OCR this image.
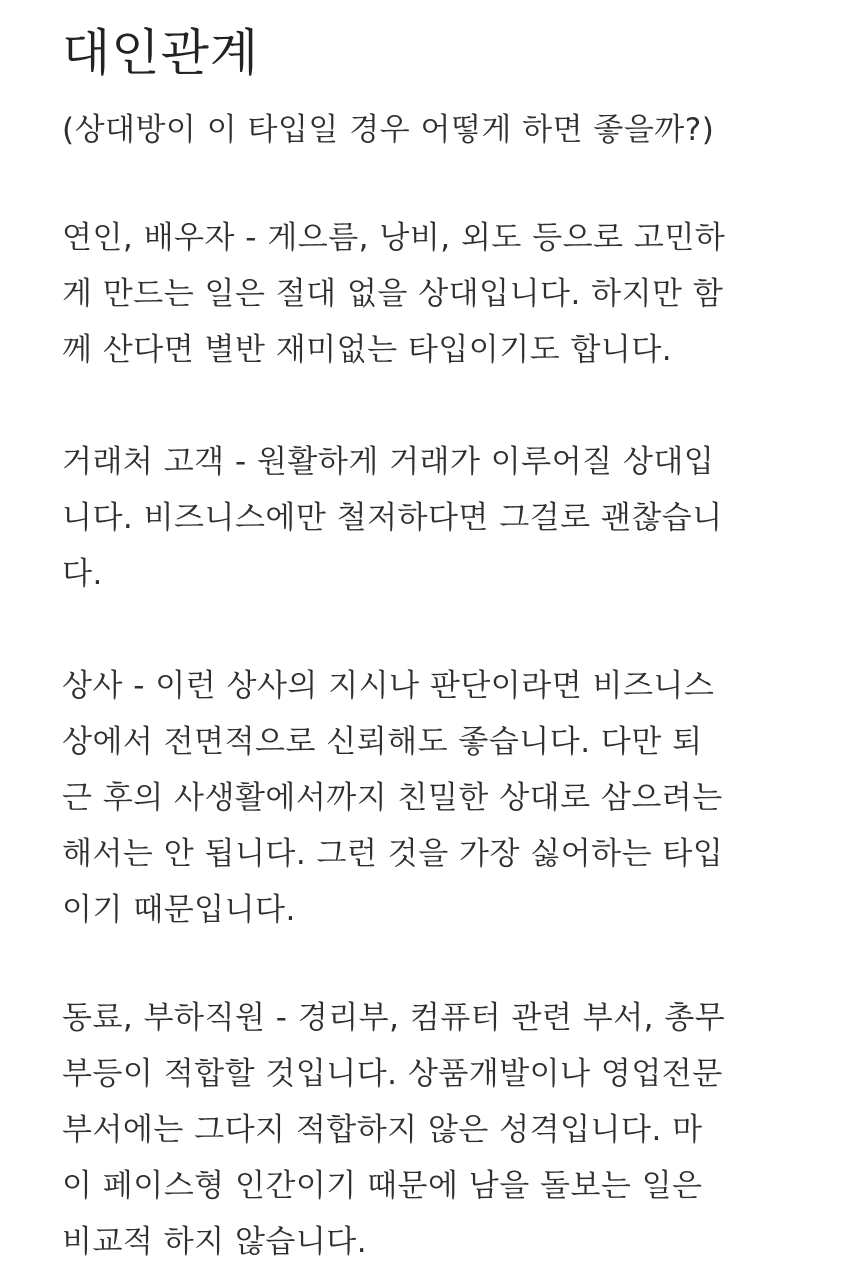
대인관계
(상대방이 이 타입일 경우 어떻게 하면 좋을까?)
연인, 배우자 - 게으름, 낭비, 외도 등으로 고민하
게 만드는 일은 절대 없을 상대입니다. 하지만 함
께 산다면 별반 재미없는 타입이기도 합니다.
거래처 고객 - 원활하게 거래가 이루어질 상대입
니다. 비즈니스에만 철저하다면 그걸로 괜찮습니
다.
상사 - 이런 상사의 지시나 판단이라면 비즈니스
상에서 전면적으로 신뢰해도 좋습니다. 다만 퇴
근 후의 사생활에서까지 친밀한 상대로 삼으려는
해서는 안 됩니다. 그런 것을 가장 싫어하는 타입
이기 때문입니다.
동료, 부하직원 - 경리부, 컴퓨터 관련 부서, 총무
부등이 적합할 것입니다. 상품개발이나 영업전문
부서에는 그다지 적합하지 않은 성격입니다. 마
이 페이스형 인간이기 때문에 남을 돌보는 일은
비교적 하지 않습니다.
